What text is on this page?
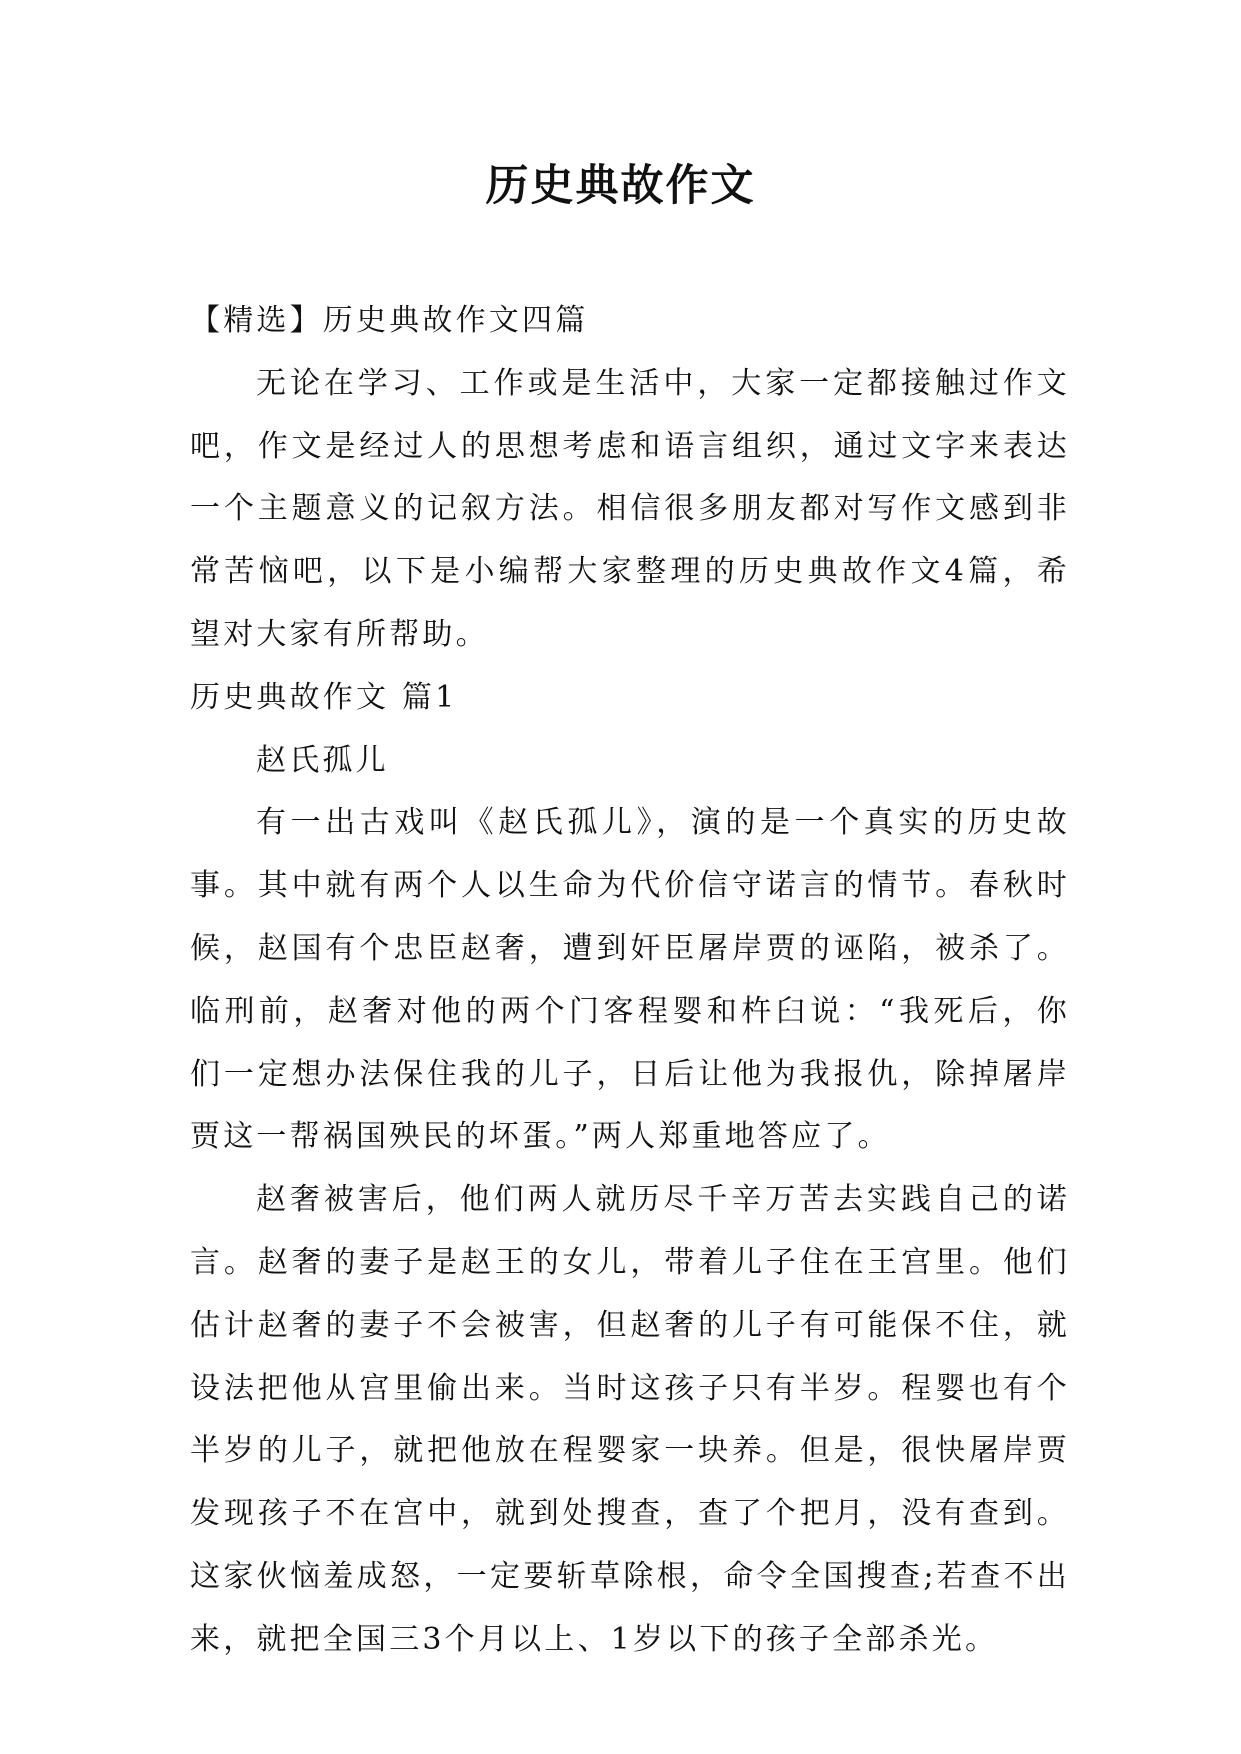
历史典故作文

【精选】历史典故作文四篇

无论在学习、工作或是生活中，大家一定都接触过作文吧，作文是经过人的思想考虑和语言组织，通过文字来表达一个主题意义的记叙方法。相信很多朋友都对写作文感到非常苦恼吧，以下是小编帮大家整理的历史典故作文4篇，希望对大家有所帮助。

历史典故作文 篇1

赵氏孤儿

有一出古戏叫《赵氏孤儿》，演的是一个真实的历史故事。其中就有两个人以生命为代价信守诺言的情节。春秋时候，赵国有个忠臣赵奢，遭到奸臣屠岸贾的诬陷，被杀了。临刑前，赵奢对他的两个门客程婴和杵臼说：“我死后，你们一定想办法保住我的儿子，日后让他为我报仇，除掉屠岸贾这一帮祸国殃民的坏蛋。”两人郑重地答应了。

赵奢被害后，他们两人就历尽千辛万苦去实践自己的诺言。赵奢的妻子是赵王的女儿，带着儿子住在王宫里。他们估计赵奢的妻子不会被害，但赵奢的儿子有可能保不住，就设法把他从宫里偷出来。当时这孩子只有半岁。程婴也有个半岁的儿子，就把他放在程婴家一块养。但是，很快屠岸贾发现孩子不在宫中，就到处搜查，查了个把月，没有查到。这家伙恼羞成怒，一定要斩草除根，命令全国搜查;若查不出来，就把全国三3个月以上、1岁以下的孩子全部杀光。
